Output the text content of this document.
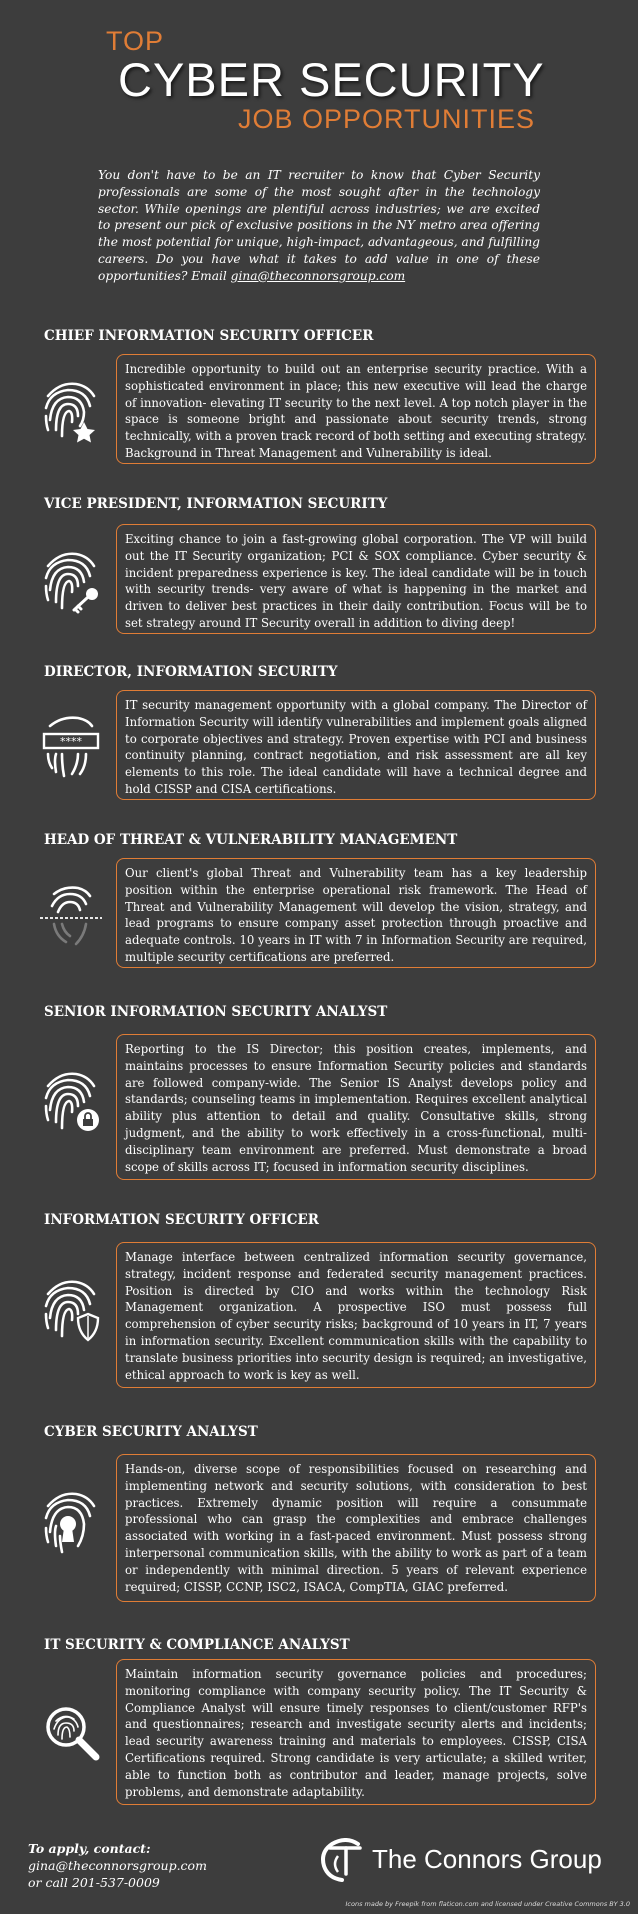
TOP
CYBER SECURITY
JOB OPPORTUNITIES
You don't have to be an IT recruiter to know that Cyber Security professionals are some of the most sought after in the technology sector. While openings are plentiful across industries; we are excited to present our pick of exclusive positions in the NY metro area offering the most potential for unique, high-impact, advantageous, and fulfilling careers. Do you have what it takes to add value in one of these opportunities? Email gina@theconnorsgroup.com
CHIEF INFORMATION SECURITY OFFICER
Incredible opportunity to build out an enterprise security practice. With a sophisticated environment in place; this new executive will lead the charge of innovation- elevating IT security to the next level. A top notch player in the space is someone bright and passionate about security trends, strong technically, with a proven track record of both setting and executing strategy. Background in Threat Management and Vulnerability is ideal.
VICE PRESIDENT, INFORMATION SECURITY
Exciting chance to join a fast-growing global corporation. The VP will build out the IT Security organization; PCI & SOX compliance. Cyber security & incident preparedness experience is key. The ideal candidate will be in touch with security trends- very aware of what is happening in the market and driven to deliver best practices in their daily contribution. Focus will be to set strategy around IT Security overall in addition to diving deep!
DIRECTOR, INFORMATION SECURITY
****
IT security management opportunity with a global company. The Director of Information Security will identify vulnerabilities and implement goals aligned to corporate objectives and strategy. Proven expertise with PCI and business continuity planning, contract negotiation, and risk assessment are all key elements to this role. The ideal candidate will have a technical degree and hold CISSP and CISA certifications.
HEAD OF THREAT & VULNERABILITY MANAGEMENT
Our client's global Threat and Vulnerability team has a key leadership position within the enterprise operational risk framework. The Head of Threat and Vulnerability Management will develop the vision, strategy, and lead programs to ensure company asset protection through proactive and adequate controls. 10 years in IT with 7 in Information Security are required, multiple security certifications are preferred.
SENIOR INFORMATION SECURITY ANALYST
Reporting to the IS Director; this position creates, implements, and maintains processes to ensure Information Security policies and standards are followed company-wide. The Senior IS Analyst develops policy and standards; counseling teams in implementation. Requires excellent analytical ability plus attention to detail and quality. Consultative skills, strong judgment, and the ability to work effectively in a cross-functional, multi-disciplinary team environment are preferred. Must demonstrate a broad scope of skills across IT; focused in information security disciplines.
INFORMATION SECURITY OFFICER
Manage interface between centralized information security governance, strategy, incident response and federated security management practices. Position is directed by CIO and works within the technology Risk Management organization. A prospective ISO must possess full comprehension of cyber security risks; background of 10 years in IT, 7 years in information security. Excellent communication skills with the capability to translate business priorities into security design is required; an investigative, ethical approach to work is key as well.
CYBER SECURITY ANALYST
Hands-on, diverse scope of responsibilities focused on researching and implementing network and security solutions, with consideration to best practices. Extremely dynamic position will require a consummate professional who can grasp the complexities and embrace challenges associated with working in a fast-paced environment. Must possess strong interpersonal communication skills, with the ability to work as part of a team or independently with minimal direction. 5 years of relevant experience required; CISSP, CCNP, ISC2, ISACA, CompTIA, GIAC preferred.
IT SECURITY & COMPLIANCE ANALYST
Maintain information security governance policies and procedures; monitoring compliance with company security policy. The IT Security & Compliance Analyst will ensure timely responses to client/customer RFP's and questionnaires; research and investigate security alerts and incidents; lead security awareness training and materials to employees. CISSP, CISA Certifications required. Strong candidate is very articulate; a skilled writer, able to function both as contributor and leader, manage projects, solve problems, and demonstrate adaptability.
To apply, contact:
gina@theconnorsgroup.com
or call 201-537-0009
The Connors Group
Icons made by Freepik from flaticon.com and licensed under Creative Commons BY 3.0
